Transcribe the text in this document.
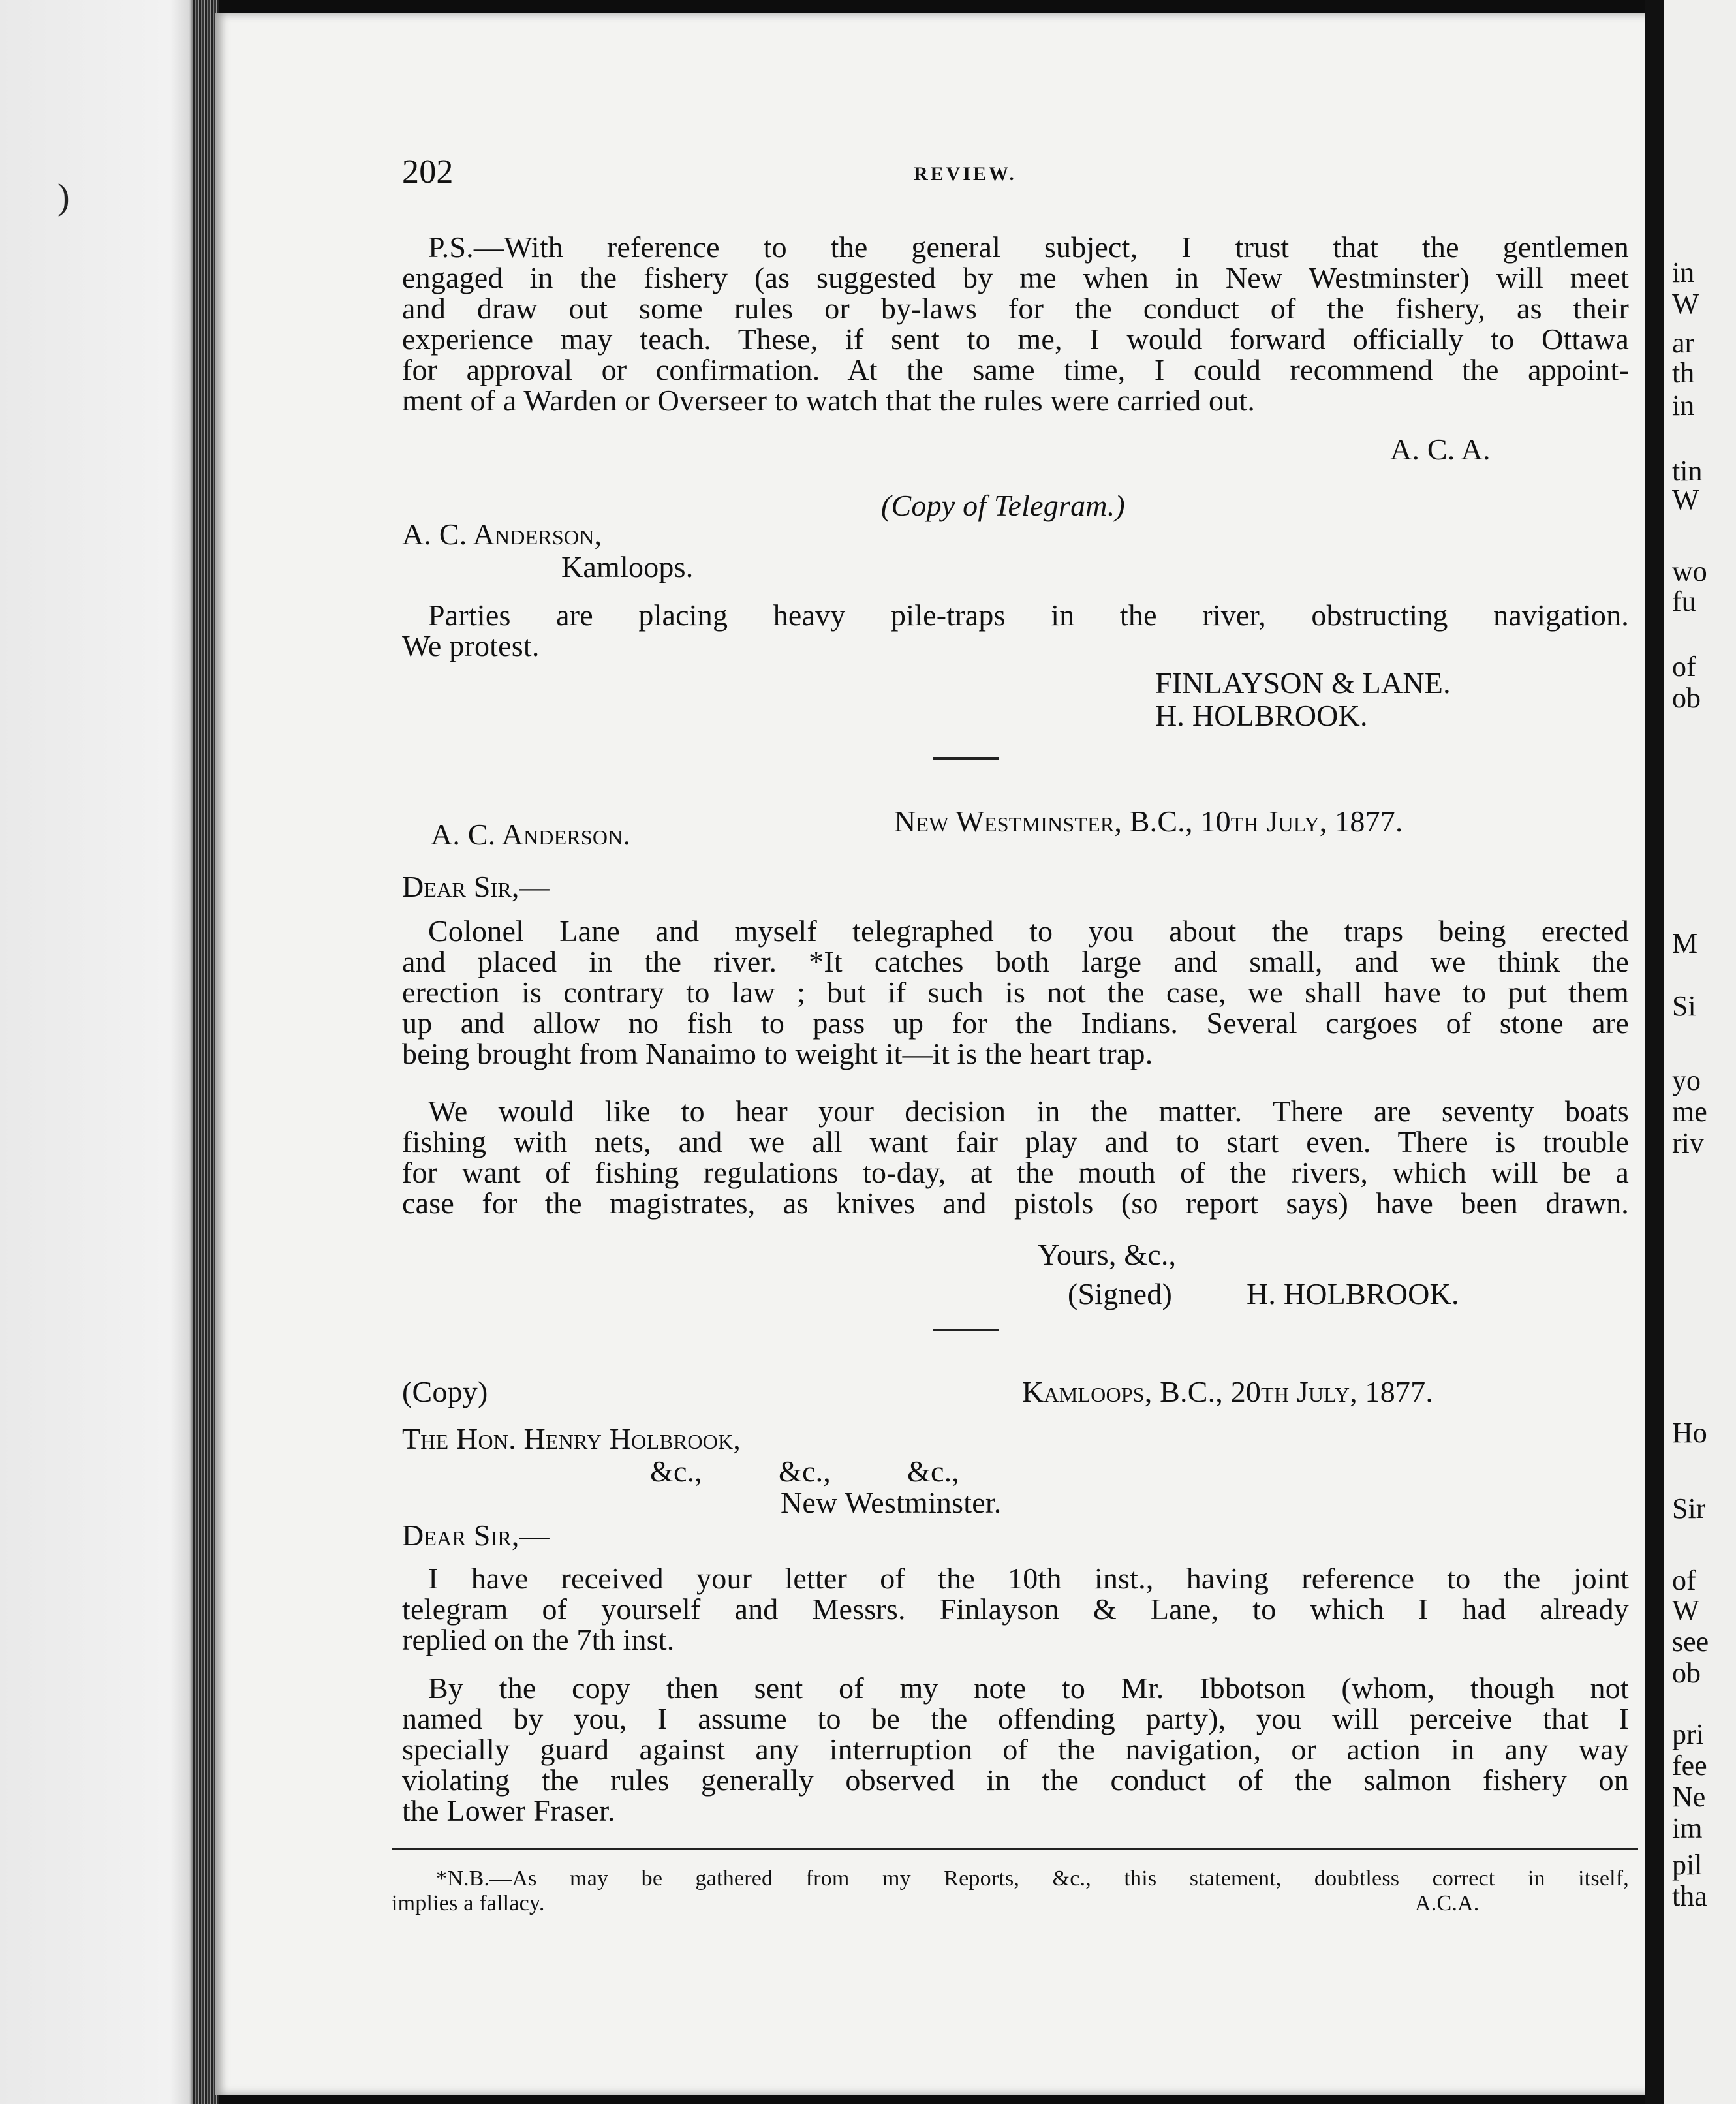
)
202	REVIEW.
P.S.—With reference to the general subject, I trust that the gentlemen
engaged in the fishery (as suggested by me when in New Westminster) will meet
and draw out some rules or by-laws for the conduct of the fishery, as their
experience may teach. These, if sent to me, I would forward officially to Ottawa
for approval or confirmation. At the same time, I could recommend the appoint-
ment of a Warden or Overseer to watch that the rules were carried out.
A. C. A.
(Copy of Telegram.)
A. C. Anderson,
Kamloops.
Parties are placing heavy pile-traps in the river, obstructing navigation.
We protest.
FINLAYSON & LANE.
H. HOLBROOK.
A. C. Anderson.	New Westminster, B.C., 10th July, 1877.
Dear Sir,—
Colonel Lane and myself telegraphed to you about the traps being erected
and placed in the river. *It catches both large and small, and we think the
erection is contrary to law ; but if such is not the case, we shall have to put them
up and allow no fish to pass up for the Indians. Several cargoes of stone are
being brought from Nanaimo to weight it—it is the heart trap.
We would like to hear your decision in the matter. There are seventy boats
fishing with nets, and we all want fair play and to start even. There is trouble
for want of fishing regulations to-day, at the mouth of the rivers, which will be a
case for the magistrates, as knives and pistols (so report says) have been drawn.
Yours, &c.,
(Signed) H. HOLBROOK.
(Copy)	Kamloops, B.C., 20th July, 1877.
The Hon. Henry Holbrook,
&c.,          &c.,          &c.,
New Westminster.
Dear Sir,—
I have received your letter of the 10th inst., having reference to the joint
telegram of yourself and Messrs. Finlayson & Lane, to which I had already
replied on the 7th inst.
By the copy then sent of my note to Mr. Ibbotson (whom, though not
named by you, I assume to be the offending party), you will perceive that I
specially guard against any interruption of the navigation, or action in any way
violating the rules generally observed in the conduct of the salmon fishery on
the Lower Fraser.
*N.B.—As may be gathered from my Reports, &c., this statement, doubtless correct in itself,
implies a fallacy.	A.C.A.
in
W
ar
th
in
tin
W
wo
fu
of
ob
M
Si
yo
me
riv
Ho
Sir
of
W
see
ob
pri
fee
Ne
im
pil
tha
